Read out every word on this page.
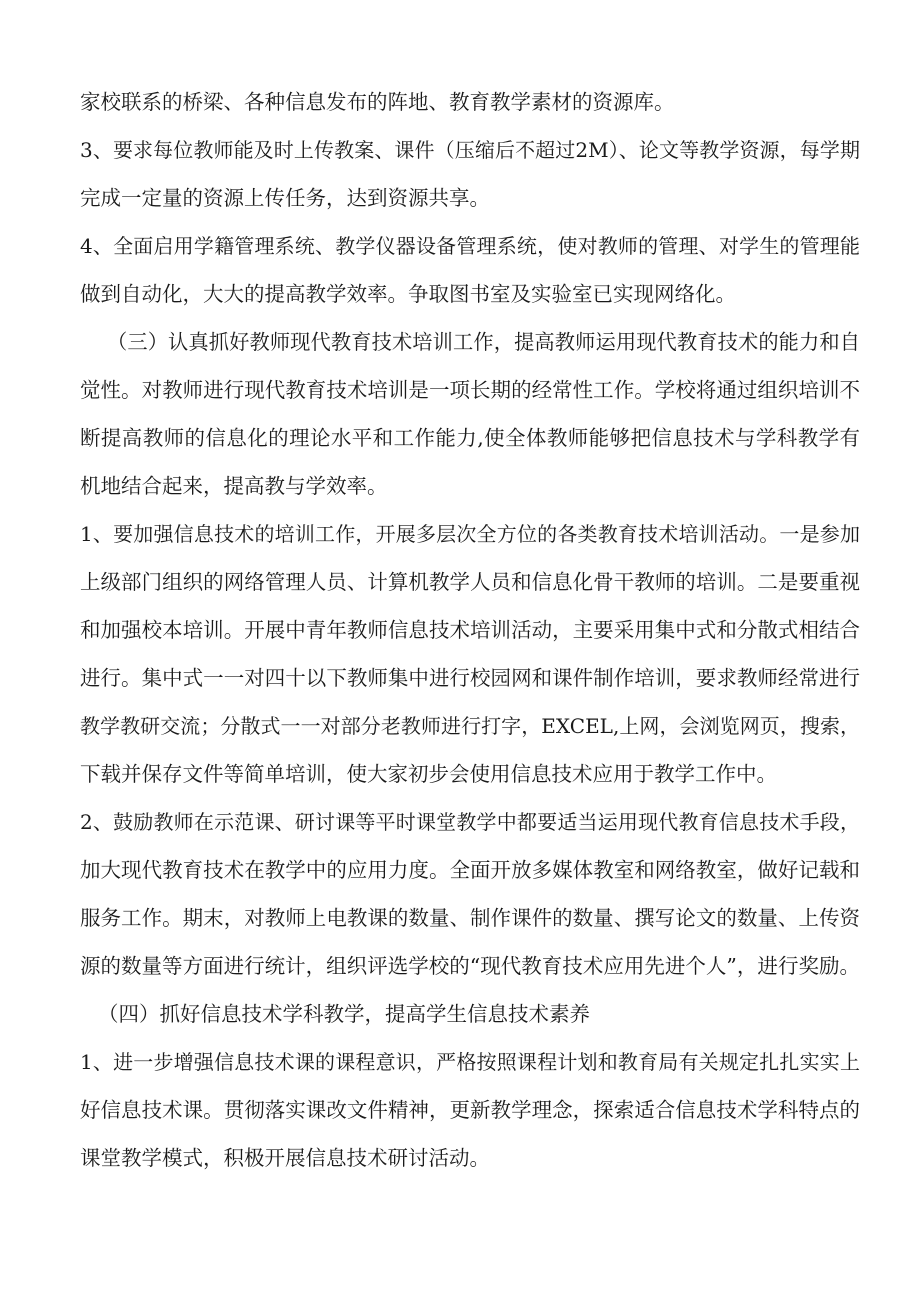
家校联系的桥梁、各种信息发布的阵地、教育教学素材的资源库。
3、要求每位教师能及时上传教案、课件（压缩后不超过2M）、论文等教学资源，每学期
完成一定量的资源上传任务，达到资源共享。
4、全面启用学籍管理系统、教学仪器设备管理系统，使对教师的管理、对学生的管理能
做到自动化，大大的提高教学效率。争取图书室及实验室已实现网络化。
（三）认真抓好教师现代教育技术培训工作，提高教师运用现代教育技术的能力和自
觉性。对教师进行现代教育技术培训是一项长期的经常性工作。学校将通过组织培训不
断提高教师的信息化的理论水平和工作能力,使全体教师能够把信息技术与学科教学有
机地结合起来，提高教与学效率。
1、要加强信息技术的培训工作，开展多层次全方位的各类教育技术培训活动。一是参加
上级部门组织的网络管理人员、计算机教学人员和信息化骨干教师的培训。二是要重视
和加强校本培训。开展中青年教师信息技术培训活动，主要采用集中式和分散式相结合
进行。集中式一一对四十以下教师集中进行校园网和课件制作培训，要求教师经常进行
教学教研交流；分散式一一对部分老教师进行打字，EXCEL,上网，会浏览网页，搜索，
下载并保存文件等简单培训，使大家初步会使用信息技术应用于教学工作中。
2、鼓励教师在示范课、研讨课等平时课堂教学中都要适当运用现代教育信息技术手段，
加大现代教育技术在教学中的应用力度。全面开放多媒体教室和网络教室，做好记载和
服务工作。期末，对教师上电教课的数量、制作课件的数量、撰写论文的数量、上传资
源的数量等方面进行统计，组织评选学校的“现代教育技术应用先进个人”，进行奖励。
（四）抓好信息技术学科教学，提高学生信息技术素养
1、进一步增强信息技术课的课程意识，严格按照课程计划和教育局有关规定扎扎实实上
好信息技术课。贯彻落实课改文件精神，更新教学理念，探索适合信息技术学科特点的
课堂教学模式，积极开展信息技术研讨活动。
